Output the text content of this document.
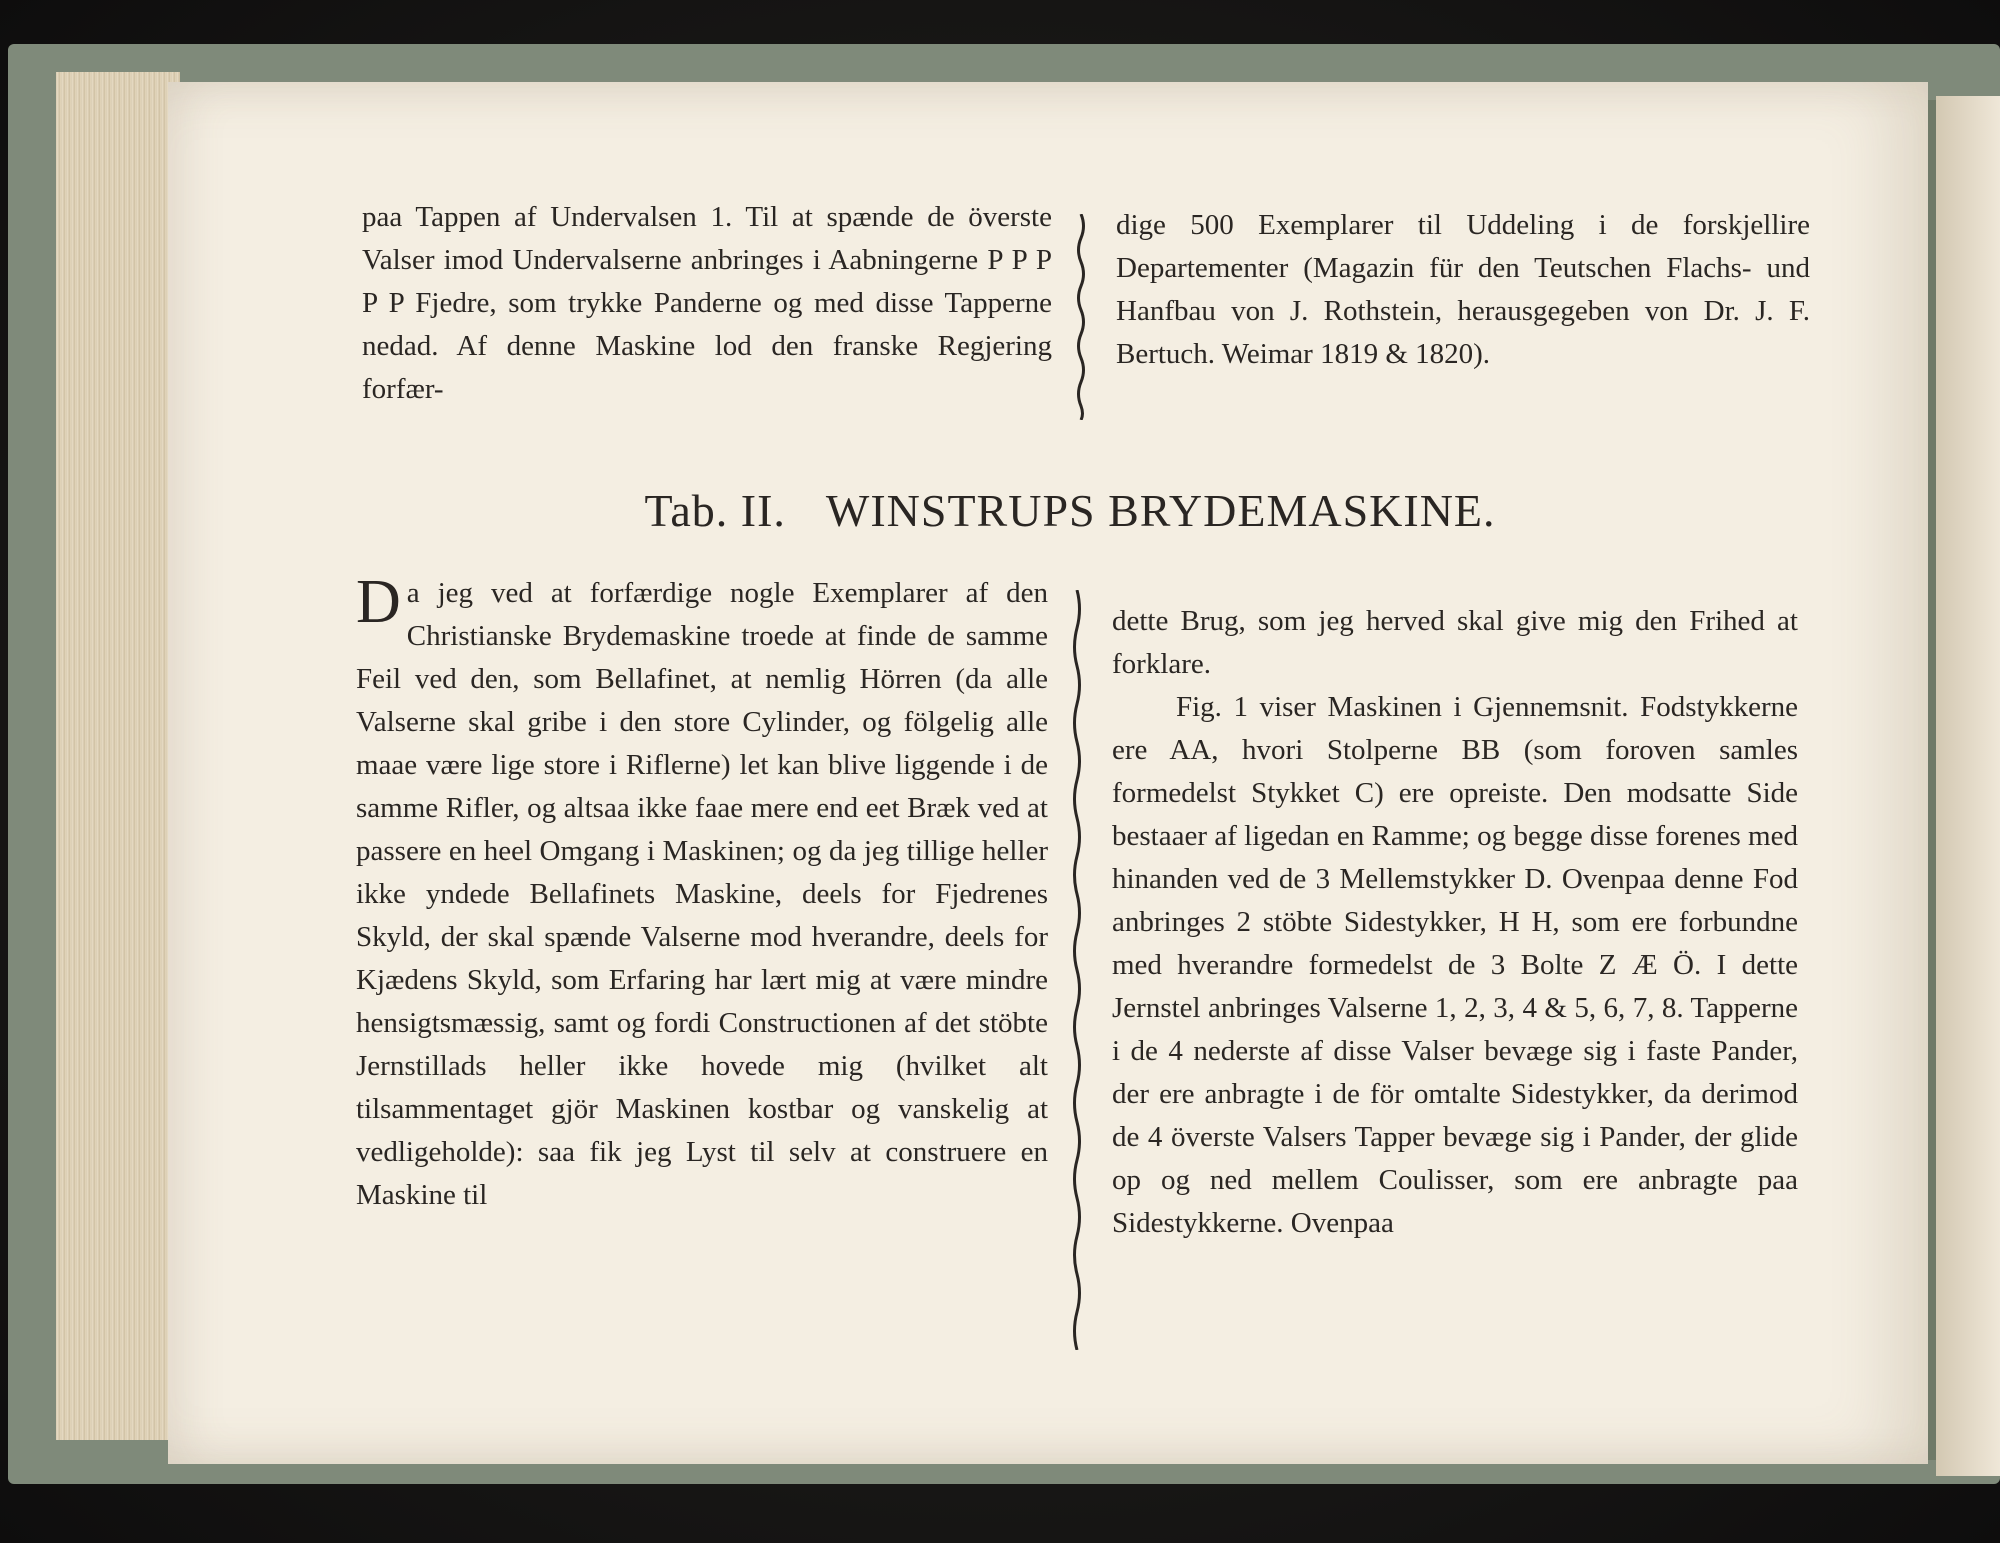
paa Tappen af Undervalsen 1. Til at spænde de överste Valser imod Undervalserne anbringes i Aabningerne P P P P P Fjedre, som trykke Panderne og med disse Tapperne nedad. Af denne Maskine lod den franske Regjering forfær-

dige 500 Exemplarer til Uddeling i de forskjellire Departementer (Magazin für den Teutschen Flachs- und Hanfbau von J. Rothstein, herausgegeben von Dr. J. F. Bertuch. Weimar 1819 & 1820).

Tab. II. WINSTRUPS BRYDEMASKINE.

Da jeg ved at forfærdige nogle Exemplarer af den Christianske Brydemaskine troede at finde de samme Feil ved den, som Bellafinet, at nemlig Hörren (da alle Valserne skal gribe i den store Cylinder, og fölgelig alle maae være lige store i Riflerne) let kan blive liggende i de samme Rifler, og altsaa ikke faae mere end eet Bræk ved at passere en heel Omgang i Maskinen; og da jeg tillige heller ikke yndede Bellafinets Maskine, deels for Fjedrenes Skyld, der skal spænde Valserne mod hverandre, deels for Kjædens Skyld, som Erfaring har lært mig at være mindre hensigtsmæssig, samt og fordi Constructionen af det stöbte Jernstillads heller ikke hovede mig (hvilket alt tilsammentaget gjör Maskinen kostbar og vanskelig at vedligeholde): saa fik jeg Lyst til selv at construere en Maskine til

dette Brug, som jeg herved skal give mig den Frihed at forklare.

Fig. 1 viser Maskinen i Gjennemsnit. Fodstykkerne ere AA, hvori Stolperne BB (som foroven samles formedelst Stykket C) ere opreiste. Den modsatte Side bestaaer af ligedan en Ramme; og begge disse forenes med hinanden ved de 3 Mellemstykker D. Ovenpaa denne Fod anbringes 2 stöbte Sidestykker, H H, som ere forbundne med hverandre formedelst de 3 Bolte Z Æ Ö. I dette Jernstel anbringes Valserne 1, 2, 3, 4 & 5, 6, 7, 8. Tapperne i de 4 nederste af disse Valser bevæge sig i faste Pander, der ere anbragte i de för omtalte Sidestykker, da derimod de 4 överste Valsers Tapper bevæge sig i Pander, der glide op og ned mellem Coulisser, som ere anbragte paa Sidestykkerne. Ovenpaa
